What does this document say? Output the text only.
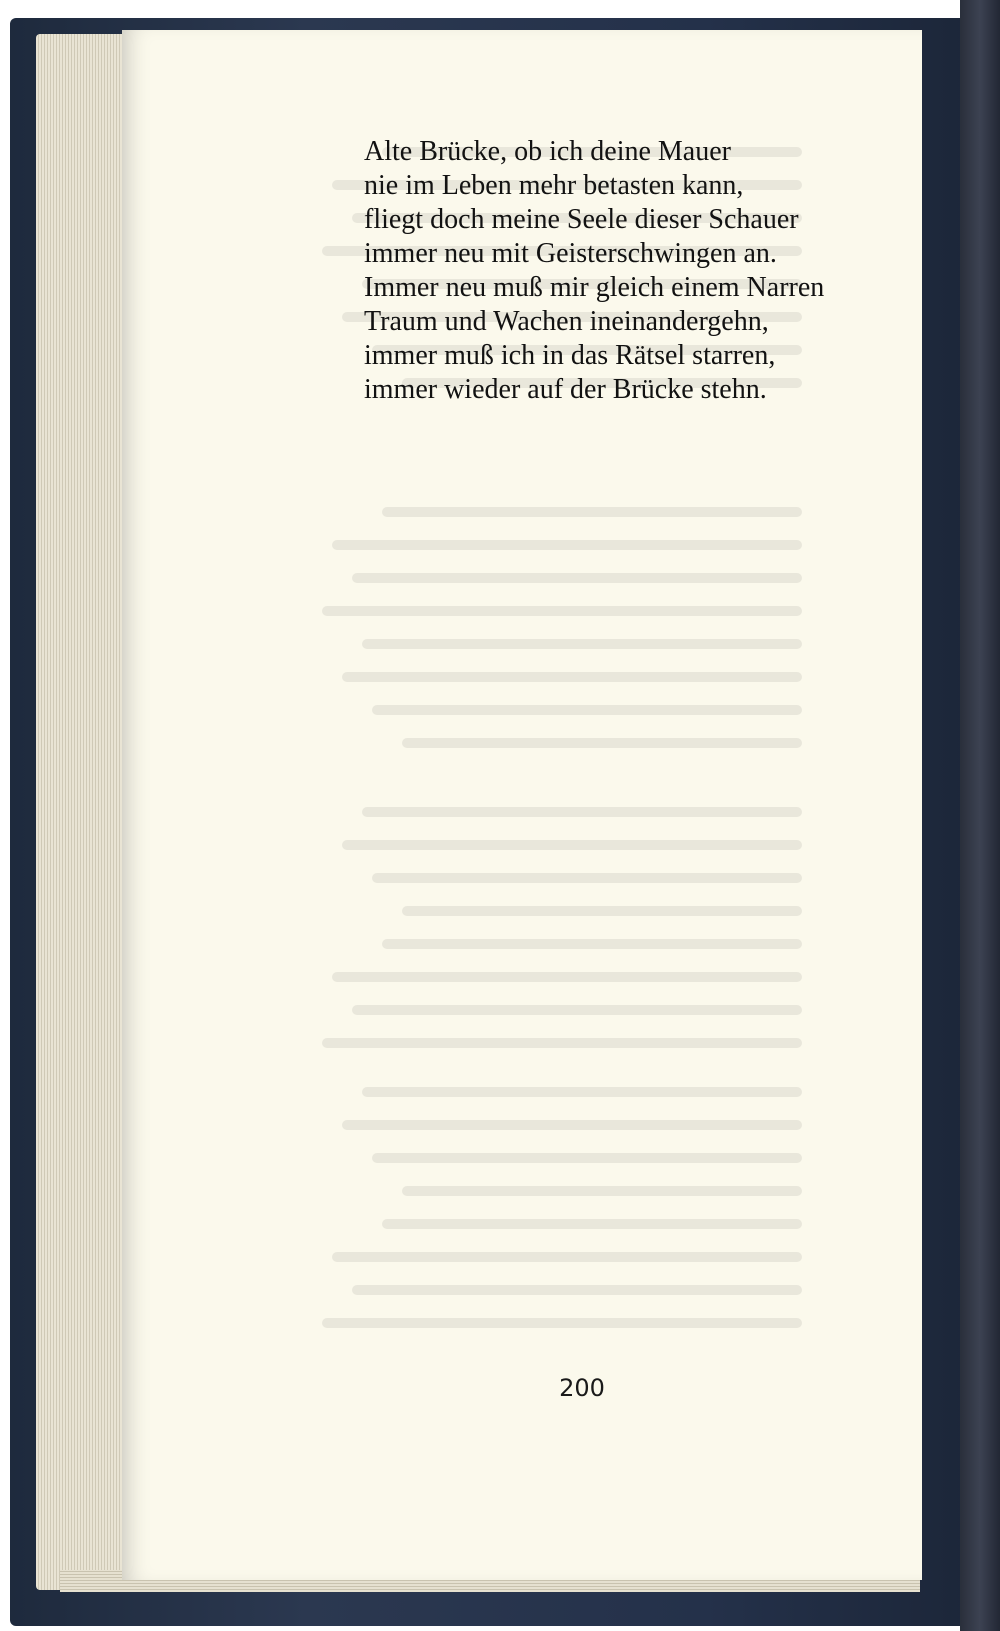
Alte Brücke, ob ich deine Mauer
nie im Leben mehr betasten kann,
fliegt doch meine Seele dieser Schauer
immer neu mit Geisterschwingen an.
Immer neu muß mir gleich einem Narren
Traum und Wachen ineinandergehn,
immer muß ich in das Rätsel starren,
immer wieder auf der Brücke stehn.
200
